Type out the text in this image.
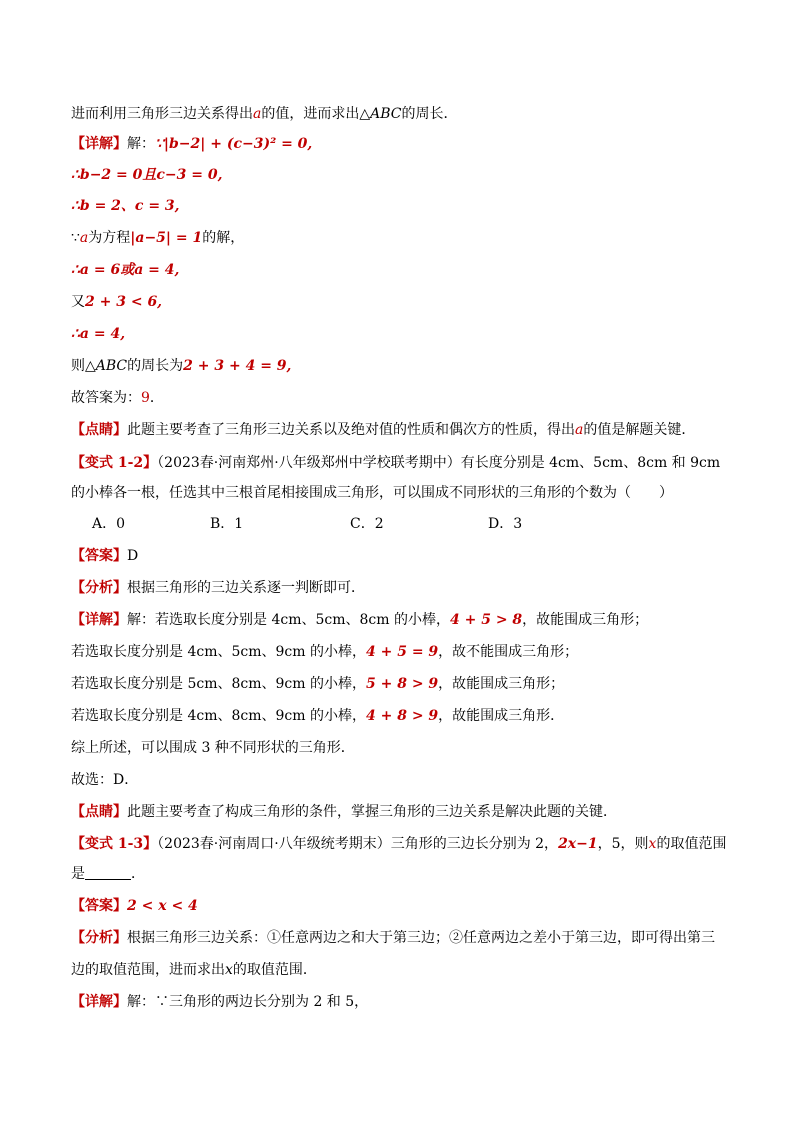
进而利用三角形三边关系得出a的值，进而求出△ABC的周长．
【详解】解：∵|b−2| + (c−3)² = 0,
∴b−2 = 0且c−3 = 0,
∴b = 2、c = 3,
∵a为方程|a−5| = 1的解，
∴a = 6或a = 4,
又2 + 3 < 6,
∴a = 4,
则△ABC的周长为2 + 3 + 4 = 9,
故答案为：9．
【点睛】此题主要考查了三角形三边关系以及绝对值的性质和偶次方的性质，得出a的值是解题关键．
【变式 1-2】（2023春·河南郑州·八年级郑州中学校联考期中）有长度分别是 4cm、5cm、8cm 和 9cm 的小棒各一根，任选其中三根首尾相接围成三角形，可以围成不同形状的三角形的个数为（　　）
A．0	B．1	C．2	D．3
【答案】D
【分析】根据三角形的三边关系逐一判断即可．
【详解】解：若选取长度分别是 4cm、5cm、8cm 的小棒，4 + 5 > 8，故能围成三角形；
若选取长度分别是 4cm、5cm、9cm 的小棒，4 + 5 = 9，故不能围成三角形；
若选取长度分别是 5cm、8cm、9cm 的小棒，5 + 8 > 9，故能围成三角形；
若选取长度分别是 4cm、8cm、9cm 的小棒，4 + 8 > 9，故能围成三角形．
综上所述，可以围成 3 种不同形状的三角形．
故选：D．
【点睛】此题主要考查了构成三角形的条件，掌握三角形的三边关系是解决此题的关键．
【变式 1-3】（2023春·河南周口·八年级统考期末）三角形的三边长分别为 2，2x−1，5，则x的取值范围
是	．
【答案】2 < x < 4
【分析】根据三角形三边关系：①任意两边之和大于第三边；②任意两边之差小于第三边，即可得出第三
边的取值范围，进而求出x的取值范围．
【详解】解：∵三角形的两边长分别为 2 和 5，
